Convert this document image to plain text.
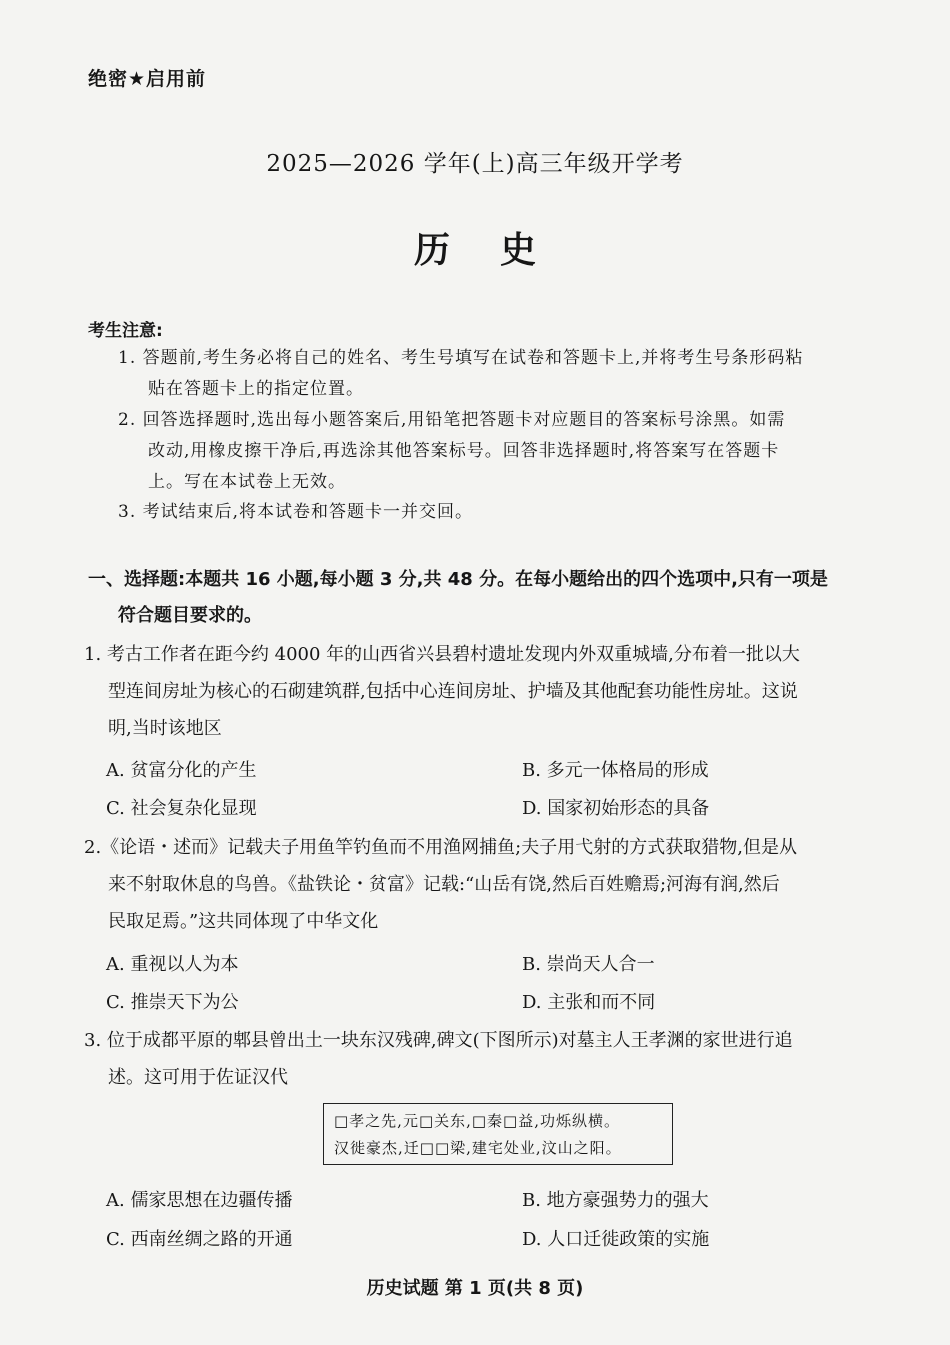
绝密★启用前
2025—2026 学年(上)高三年级开学考
历史
考生注意:
1. 答题前,考生务必将自己的姓名、考生号填写在试卷和答题卡上,并将考生号条形码粘
贴在答题卡上的指定位置。
2. 回答选择题时,选出每小题答案后,用铅笔把答题卡对应题目的答案标号涂黑。如需
改动,用橡皮擦干净后,再选涂其他答案标号。回答非选择题时,将答案写在答题卡
上。写在本试卷上无效。
3. 考试结束后,将本试卷和答题卡一并交回。
一、选择题:本题共 16 小题,每小题 3 分,共 48 分。在每小题给出的四个选项中,只有一项是
符合题目要求的。
1. 考古工作者在距今约 4000 年的山西省兴县碧村遗址发现内外双重城墙,分布着一批以大
型连间房址为核心的石砌建筑群,包括中心连间房址、护墙及其他配套功能性房址。这说
明,当时该地区
A. 贫富分化的产生	B. 多元一体格局的形成
C. 社会复杂化显现	D. 国家初始形态的具备
2.《论语・述而》记载夫子用鱼竿钓鱼而不用渔网捕鱼;夫子用弋射的方式获取猎物,但是从
来不射取休息的鸟兽。《盐铁论・贫富》记载:“山岳有饶,然后百姓赡焉;河海有润,然后
民取足焉。”这共同体现了中华文化
A. 重视以人为本	B. 崇尚天人合一
C. 推崇天下为公	D. 主张和而不同
3. 位于成都平原的郫县曾出土一块东汉残碑,碑文(下图所示)对墓主人王孝渊的家世进行追
述。这可用于佐证汉代
□孝之先,元□关东,□秦□益,功烁纵横。
汉徙豪杰,迁□□梁,建宅处业,汶山之阳。
A. 儒家思想在边疆传播	B. 地方豪强势力的强大
C. 西南丝绸之路的开通	D. 人口迁徙政策的实施
历史试题 第 1 页(共 8 页)
